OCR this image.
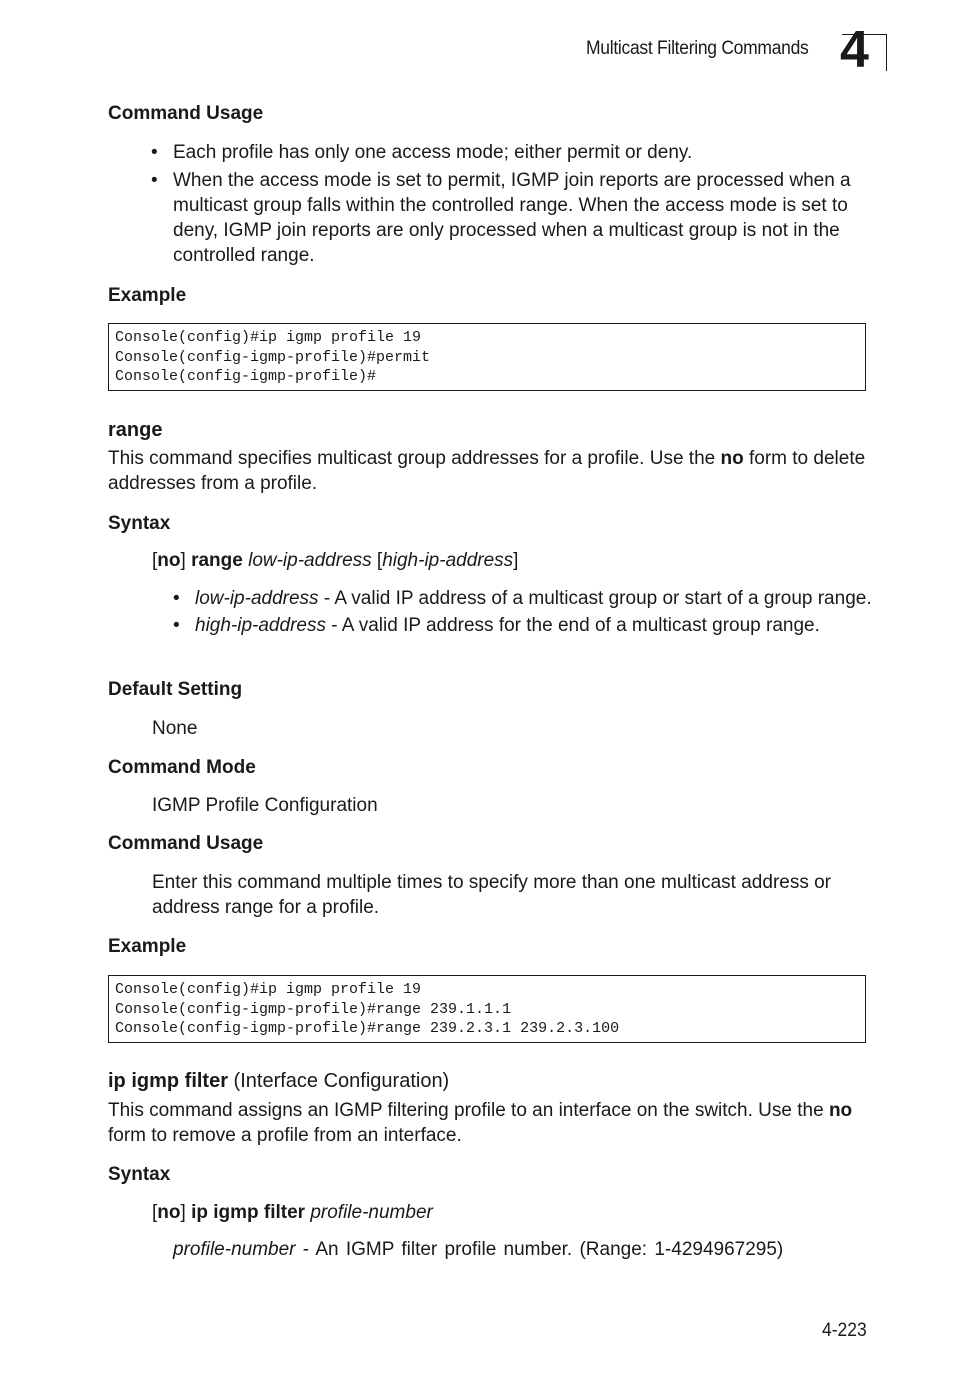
Multicast Filtering Commands 4
Command Usage
• Each profile has only one access mode; either permit or deny.
• When the access mode is set to permit, IGMP join reports are processed when a multicast group falls within the controlled range. When the access mode is set to deny, IGMP join reports are only processed when a multicast group is not in the controlled range.
Example
Console(config)#ip igmp profile 19
Console(config-igmp-profile)#permit
Console(config-igmp-profile)#
range
This command specifies multicast group addresses for a profile. Use the no form to delete addresses from a profile.
Syntax
[no] range low-ip-address [high-ip-address]
• low-ip-address - A valid IP address of a multicast group or start of a group range.
• high-ip-address - A valid IP address for the end of a multicast group range.
Default Setting
None
Command Mode
IGMP Profile Configuration
Command Usage
Enter this command multiple times to specify more than one multicast address or address range for a profile.
Example
Console(config)#ip igmp profile 19
Console(config-igmp-profile)#range 239.1.1.1
Console(config-igmp-profile)#range 239.2.3.1 239.2.3.100
ip igmp filter (Interface Configuration)
This command assigns an IGMP filtering profile to an interface on the switch. Use the no form to remove a profile from an interface.
Syntax
[no] ip igmp filter profile-number
profile-number - An IGMP filter profile number. (Range: 1-4294967295)
4-223
